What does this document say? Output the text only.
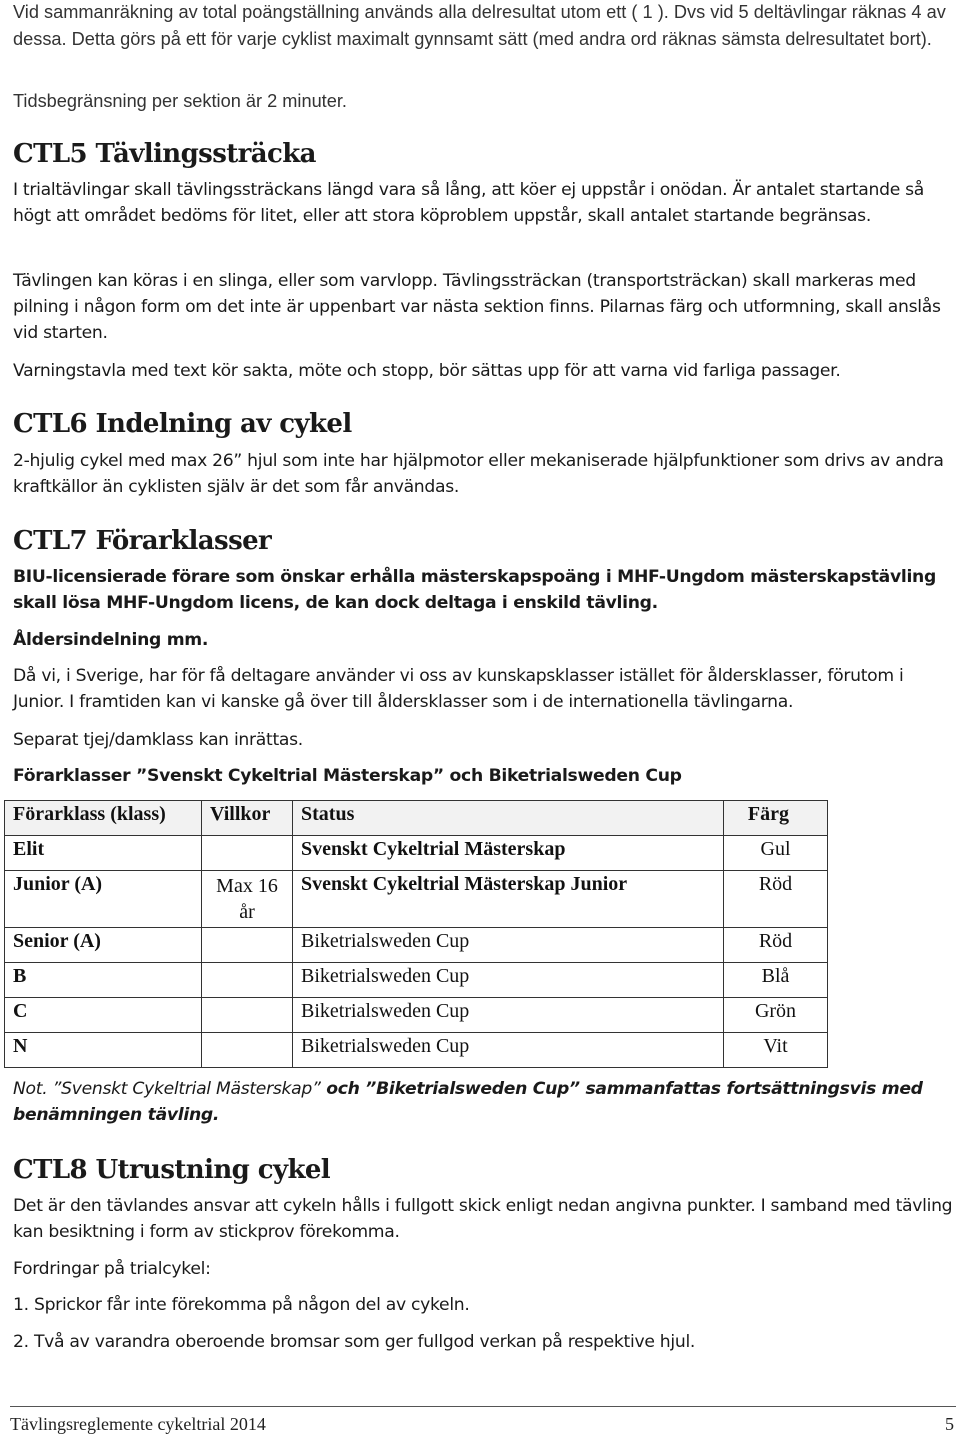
Vid sammanräkning av total poängställning används alla delresultat utom ett ( 1 ). Dvs vid 5 deltävlingar räknas 4 av dessa. Detta görs på ett för varje cyklist maximalt gynnsamt sätt (med andra ord räknas sämsta delresultatet bort).

Tidsbegränsning per sektion är 2 minuter.

CTL5 Tävlingssträcka

I trialtävlingar skall tävlingssträckans längd vara så lång, att köer ej uppstår i onödan. Är antalet startande så högt att området bedöms för litet, eller att stora köproblem uppstår, skall antalet startande begränsas.

Tävlingen kan köras i en slinga, eller som varvlopp. Tävlingssträckan (transportsträckan) skall markeras med pilning i någon form om det inte är uppenbart var nästa sektion finns. Pilarnas färg och utformning, skall anslås vid starten.

Varningstavla med text kör sakta, möte och stopp, bör sättas upp för att varna vid farliga passager.

CTL6 Indelning av cykel

2-hjulig cykel med max 26” hjul som inte har hjälpmotor eller mekaniserade hjälpfunktioner som drivs av andra kraftkällor än cyklisten själv är det som får användas.

CTL7 Förarklasser

BIU-licensierade förare som önskar erhålla mästerskapspoäng i MHF-Ungdom mästerskapstävling skall lösa MHF-Ungdom licens, de kan dock deltaga i enskild tävling.

Åldersindelning mm.

Då vi, i Sverige, har för få deltagare använder vi oss av kunskapsklasser istället för åldersklasser, förutom i Junior. I framtiden kan vi kanske gå över till åldersklasser som i de internationella tävlingarna.

Separat tjej/damklass kan inrättas.

Förarklasser ”Svenskt Cykeltrial Mästerskap” och Biketrialsweden Cup

Förarklass (klass)	Villkor	Status	Färg
Elit		Svenskt Cykeltrial Mästerskap	Gul
Junior (A)	Max 16 år	Svenskt Cykeltrial Mästerskap Junior	Röd
Senior (A)		Biketrialsweden Cup	Röd
B		Biketrialsweden Cup	Blå
C		Biketrialsweden Cup	Grön
N		Biketrialsweden Cup	Vit

Not. ”Svenskt Cykeltrial Mästerskap” och ”Biketrialsweden Cup” sammanfattas fortsättningsvis med benämningen tävling.

CTL8 Utrustning cykel

Det är den tävlandes ansvar att cykeln hålls i fullgott skick enligt nedan angivna punkter. I samband med tävling kan besiktning i form av stickprov förekomma.

Fordringar på trialcykel:

1. Sprickor får inte förekomma på någon del av cykeln.

2. Två av varandra oberoende bromsar som ger fullgod verkan på respektive hjul.

Tävlingsreglemente cykeltrial 2014	5
